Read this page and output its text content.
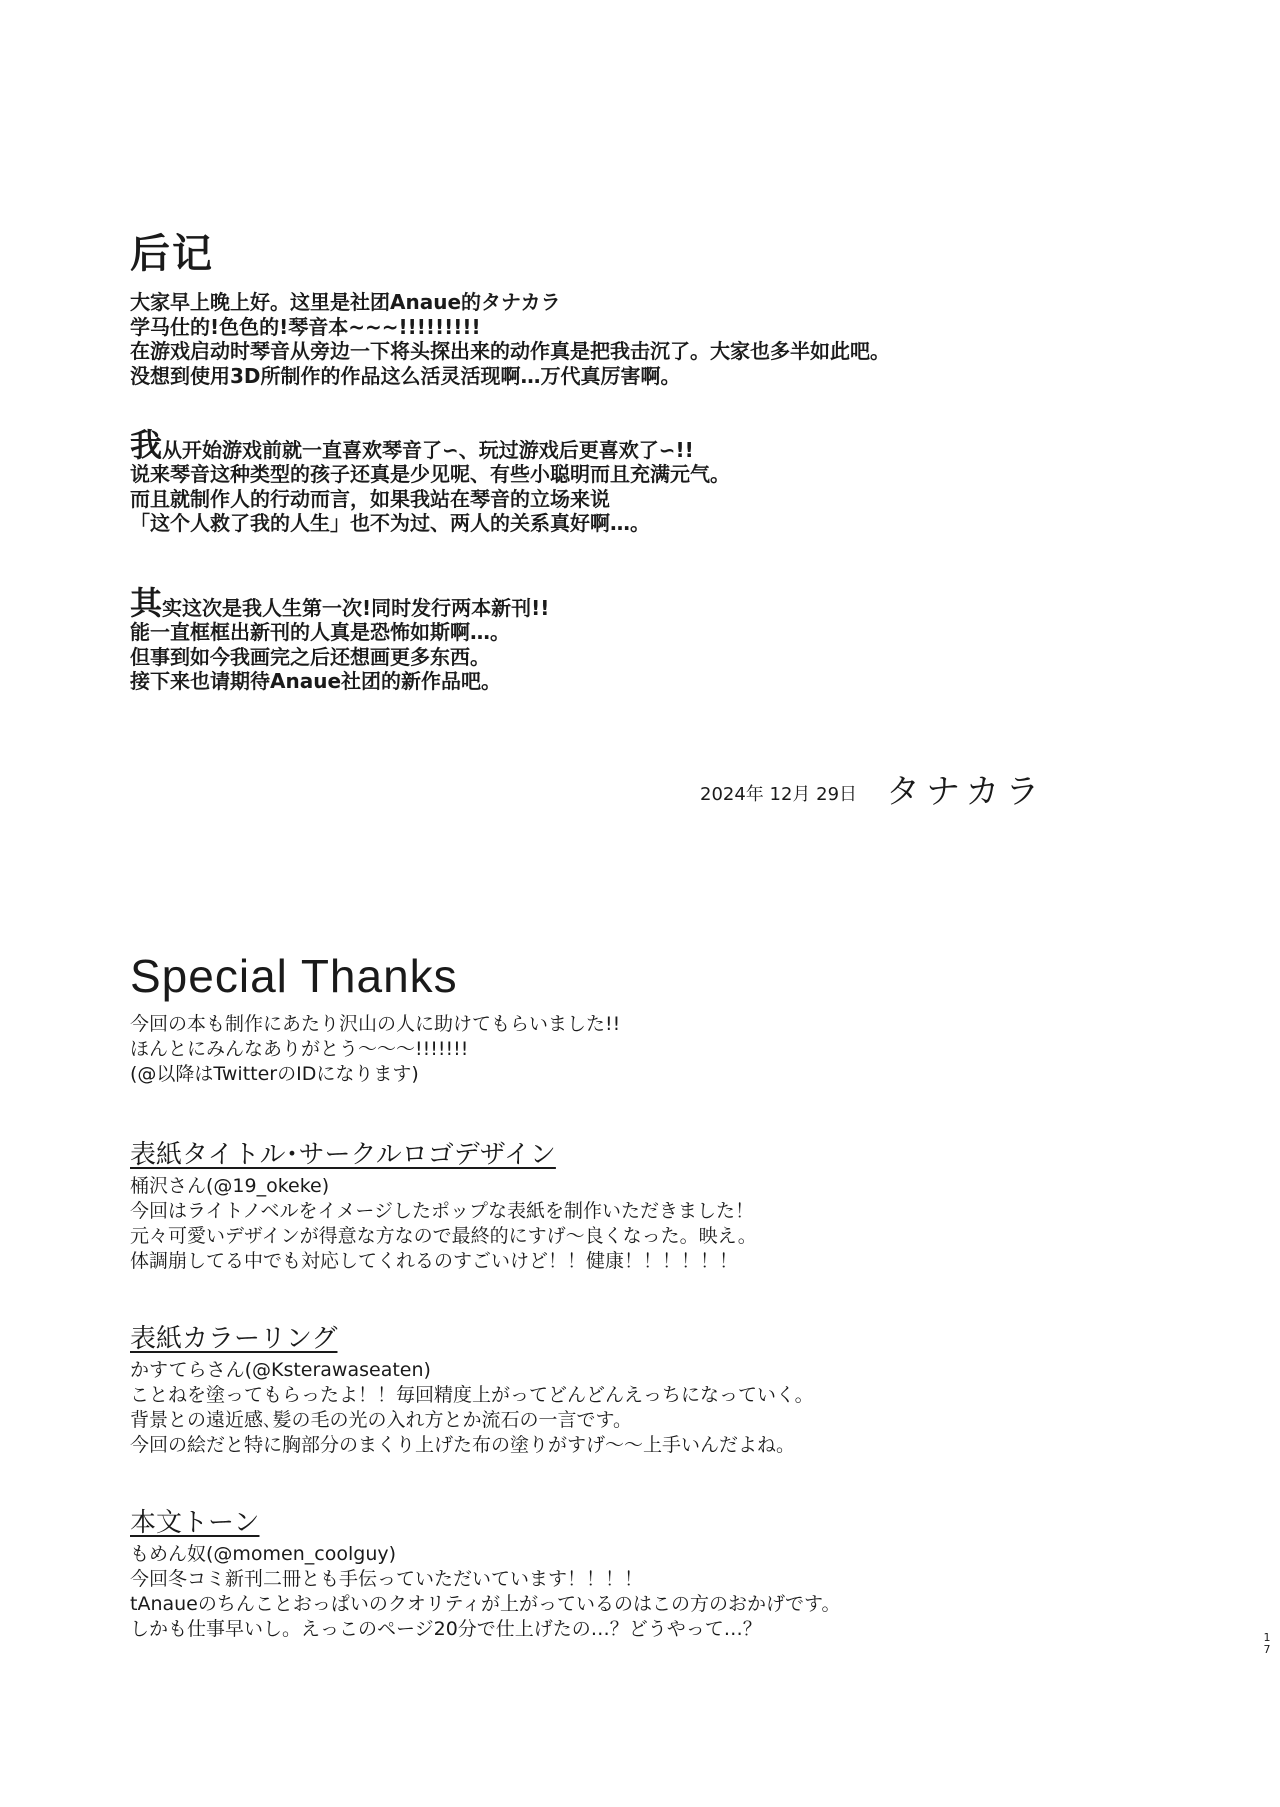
后记
大家早上晚上好。这里是社团Anaue的タナカラ
学马仕的!色色的!琴音本~~~!!!!!!!!!
在游戏启动时琴音从旁边一下将头探出来的动作真是把我击沉了。大家也多半如此吧。
没想到使用3D所制作的作品这么活灵活现啊…万代真厉害啊。
我 从开始游戏前就一直喜欢琴音了∽、玩过游戏后更喜欢了∽!!
说来琴音这种类型的孩子还真是少见呢、有些小聪明而且充满元气。
而且就制作人的行动而言，如果我站在琴音的立场来说
「这个人救了我的人生」也不为过、两人的关系真好啊…。
其 实这次是我人生第一次!同时发行两本新刊!!
能一直框框出新刊的人真是恐怖如斯啊…。
但事到如今我画完之后还想画更多东西。
接下来也请期待Anaue社团的新作品吧。
2024年 12月 29日 タナカラ
Special Thanks
今回の本も制作にあたり沢山の人に助けてもらいました!!
ほんとにみんなありがとう～～～!!!!!!!
(@以降はTwitterのIDになります)
表紙タイトル･サークルロゴデザイン
桶沢さん(@19_okeke)
今回はライトノベルをイメージしたポップな表紙を制作いただきました！
元々可愛いデザインが得意な方なので最終的にすげ～良くなった。映え。
体調崩してる中でも対応してくれるのすごいけど！！健康！！！！！！
表紙カラーリング
かすてらさん(@Ksterawaseaten)
ことねを塗ってもらったよ！！毎回精度上がってどんどんえっちになっていく。
背景との遠近感､髪の毛の光の入れ方とか流石の一言です。
今回の絵だと特に胸部分のまくり上げた布の塗りがすげ～～上手いんだよね。
本文トーン
もめん奴(@momen_coolguy)
今回冬コミ新刊二冊とも手伝っていただいています！！！！
tAnaueのちんことおっぱいのクオリティが上がっているのはこの方のおかげです。
しかも仕事早いし。えっこのページ20分で仕上げたの…？どうやって…？	1
7
